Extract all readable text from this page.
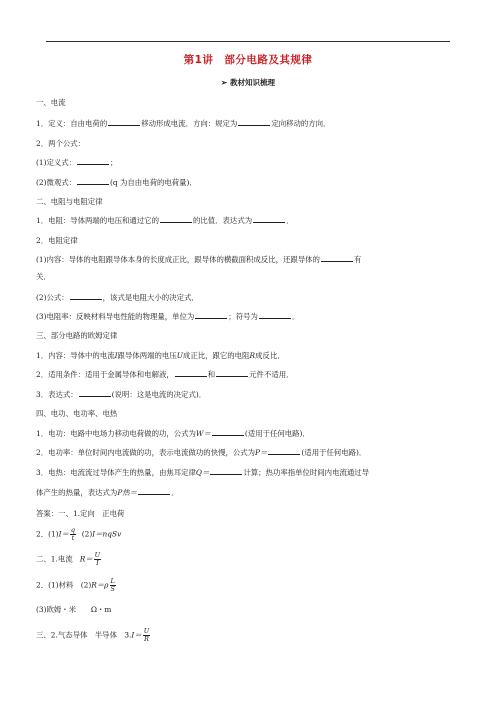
第1讲　部分电路及其规律
➢ 教材知识梳理
一、电流
1．定义：自由电荷的	移动形成电流．方向：规定为	定向移动的方向．
2．两个公式：
(1)定义式：	；
(2)微观式：	(q 为自由电荷的电荷量)．
二、电阻与电阻定律
1．电阻：导体两端的电压和通过它的	的比值．表达式为	．
2．电阻定律
(1)内容：导体的电阻跟导体本身的长度成正比，跟导体的横截面积成反比，还跟导体的	有
关．
(2)公式：	，该式是电阻大小的决定式．
(3)电阻率：反映材料导电性能的物理量，单位为	；符号为	．
三、部分电路的欧姆定律
1．内容：导体中的电流I跟导体两端的电压U成正比，跟它的电阻R成反比．
2．适用条件：适用于金属导体和电解液，	和	元件不适用．
3．表达式：	(说明：这是电流的决定式)．
四、电功、电功率、电热
1．电功：电路中电场力移动电荷做的功，公式为W＝	(适用于任何电路)．
2．电功率：单位时间内电流做的功，表示电流做功的快慢，公式为P＝	(适用于任何电路)．
3．电热：电流流过导体产生的热量，由焦耳定律Q＝	计算；热功率指单位时间内电流通过导
体产生的热量，表达式为P热＝	．
答案：一、1.定向　正电荷
2．$(1)I= \frac{q}{t}$ (2)I＝nqSv
二、1.电流 $R= \frac{U}{I}$
2．(1)材料　$(2)R=\rho \frac{L}{S}$
(3)欧姆・米　　Ω・m
三、2.气态导体　半导体　$3.I= \frac{U}{R}$
